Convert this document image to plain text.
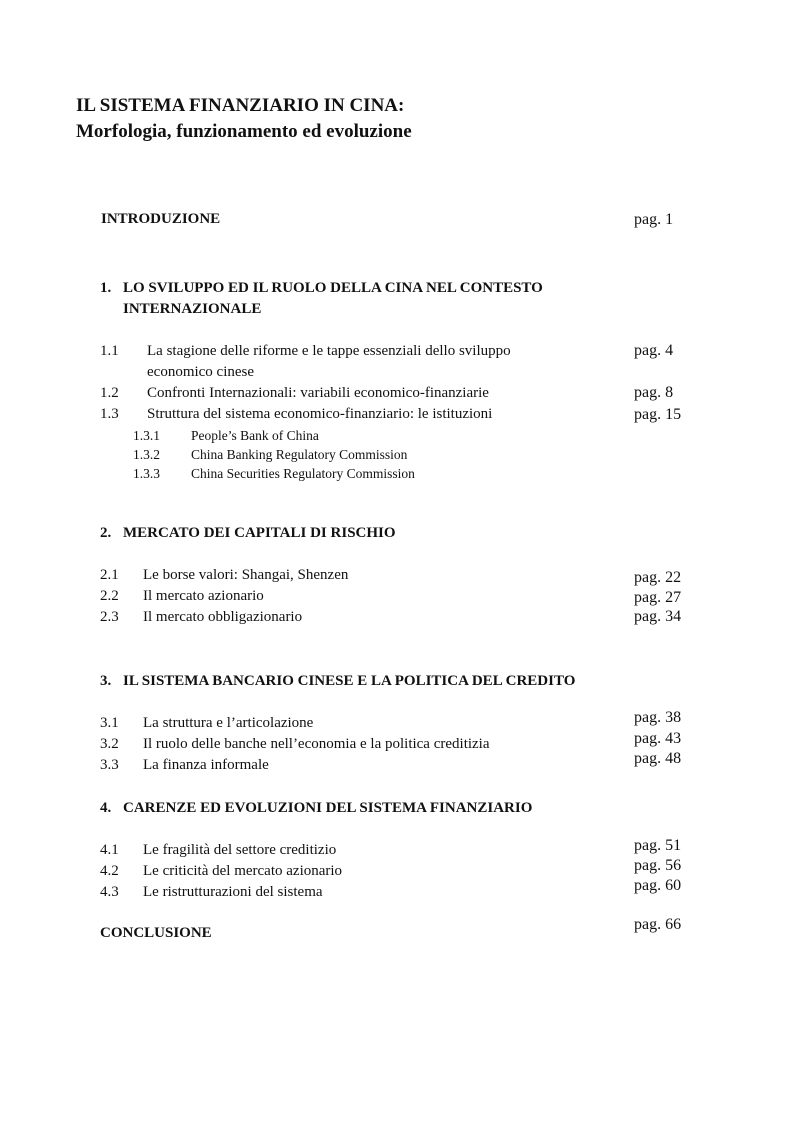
IL SISTEMA FINANZIARIO IN CINA:
Morfologia, funzionamento ed evoluzione
INTRODUZIONE	pag. 1
1. LO SVILUPPO ED IL RUOLO DELLA CINA NEL CONTESTO
INTERNAZIONALE
1.1 La stagione delle riforme e le tappe essenziali dello sviluppo
economico cinese
pag. 4
1.2 Confronti Internazionali: variabili economico-finanziarie	pag. 8
1.3 Struttura del sistema economico-finanziario: le istituzioni	pag. 15
1.3.1 People’s Bank of China
1.3.2 China Banking Regulatory Commission
1.3.3 China Securities Regulatory Commission
2. MERCATO DEI CAPITALI DI RISCHIO
2.1 Le borse valori: Shangai, Shenzen	pag. 22
2.2 Il mercato azionario	pag. 27
2.3 Il mercato obbligazionario	pag. 34
3. IL SISTEMA BANCARIO CINESE E LA POLITICA DEL CREDITO
3.1 La struttura e l’articolazione	pag. 38
3.2 Il ruolo delle banche nell’economia e la politica creditizia	pag. 43
3.3 La finanza informale	pag. 48
4. CARENZE ED EVOLUZIONI DEL SISTEMA FINANZIARIO
4.1 Le fragilità del settore creditizio	pag. 51
4.2 Le criticità del mercato azionario	pag. 56
4.3 Le ristrutturazioni del sistema	pag. 60
CONCLUSIONE	pag. 66
